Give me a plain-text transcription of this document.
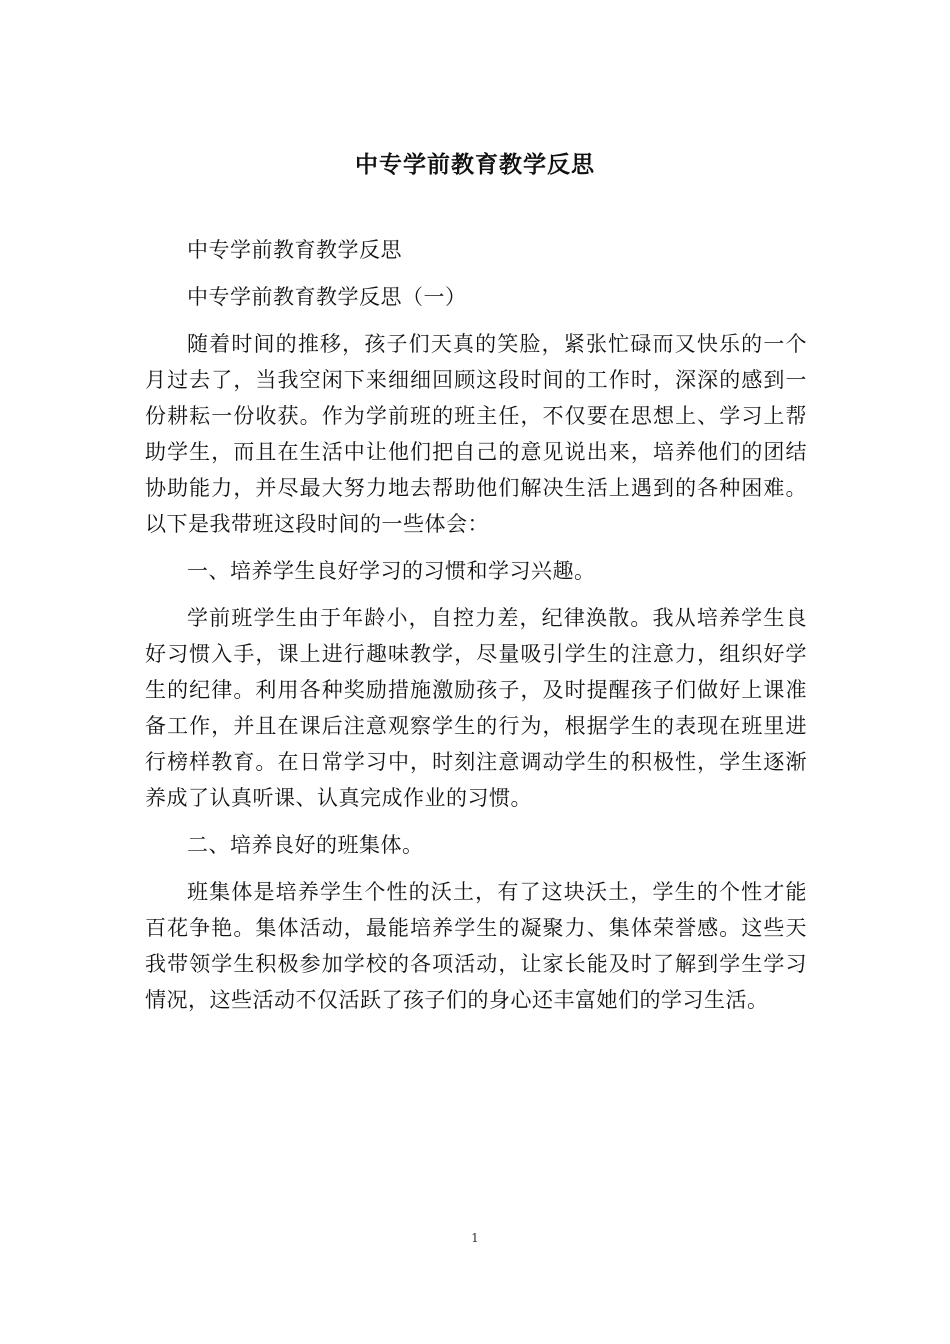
中专学前教育教学反思

中专学前教育教学反思

中专学前教育教学反思（一）

随着时间的推移，孩子们天真的笑脸，紧张忙碌而又快乐的一个月过去了，当我空闲下来细细回顾这段时间的工作时，深深的感到一份耕耘一份收获。作为学前班的班主任，不仅要在思想上、学习上帮助学生，而且在生活中让他们把自己的意见说出来，培养他们的团结协助能力，并尽最大努力地去帮助他们解决生活上遇到的各种困难。以下是我带班这段时间的一些体会：

一、培养学生良好学习的习惯和学习兴趣。

学前班学生由于年龄小，自控力差，纪律涣散。我从培养学生良好习惯入手，课上进行趣味教学，尽量吸引学生的注意力，组织好学生的纪律。利用各种奖励措施激励孩子，及时提醒孩子们做好上课准备工作，并且在课后注意观察学生的行为，根据学生的表现在班里进行榜样教育。在日常学习中，时刻注意调动学生的积极性，学生逐渐养成了认真听课、认真完成作业的习惯。

二、培养良好的班集体。

班集体是培养学生个性的沃土，有了这块沃土，学生的个性才能百花争艳。集体活动，最能培养学生的凝聚力、集体荣誉感。这些天我带领学生积极参加学校的各项活动，让家长能及时了解到学生学习情况，这些活动不仅活跃了孩子们的身心还丰富她们的学习生活。

1
